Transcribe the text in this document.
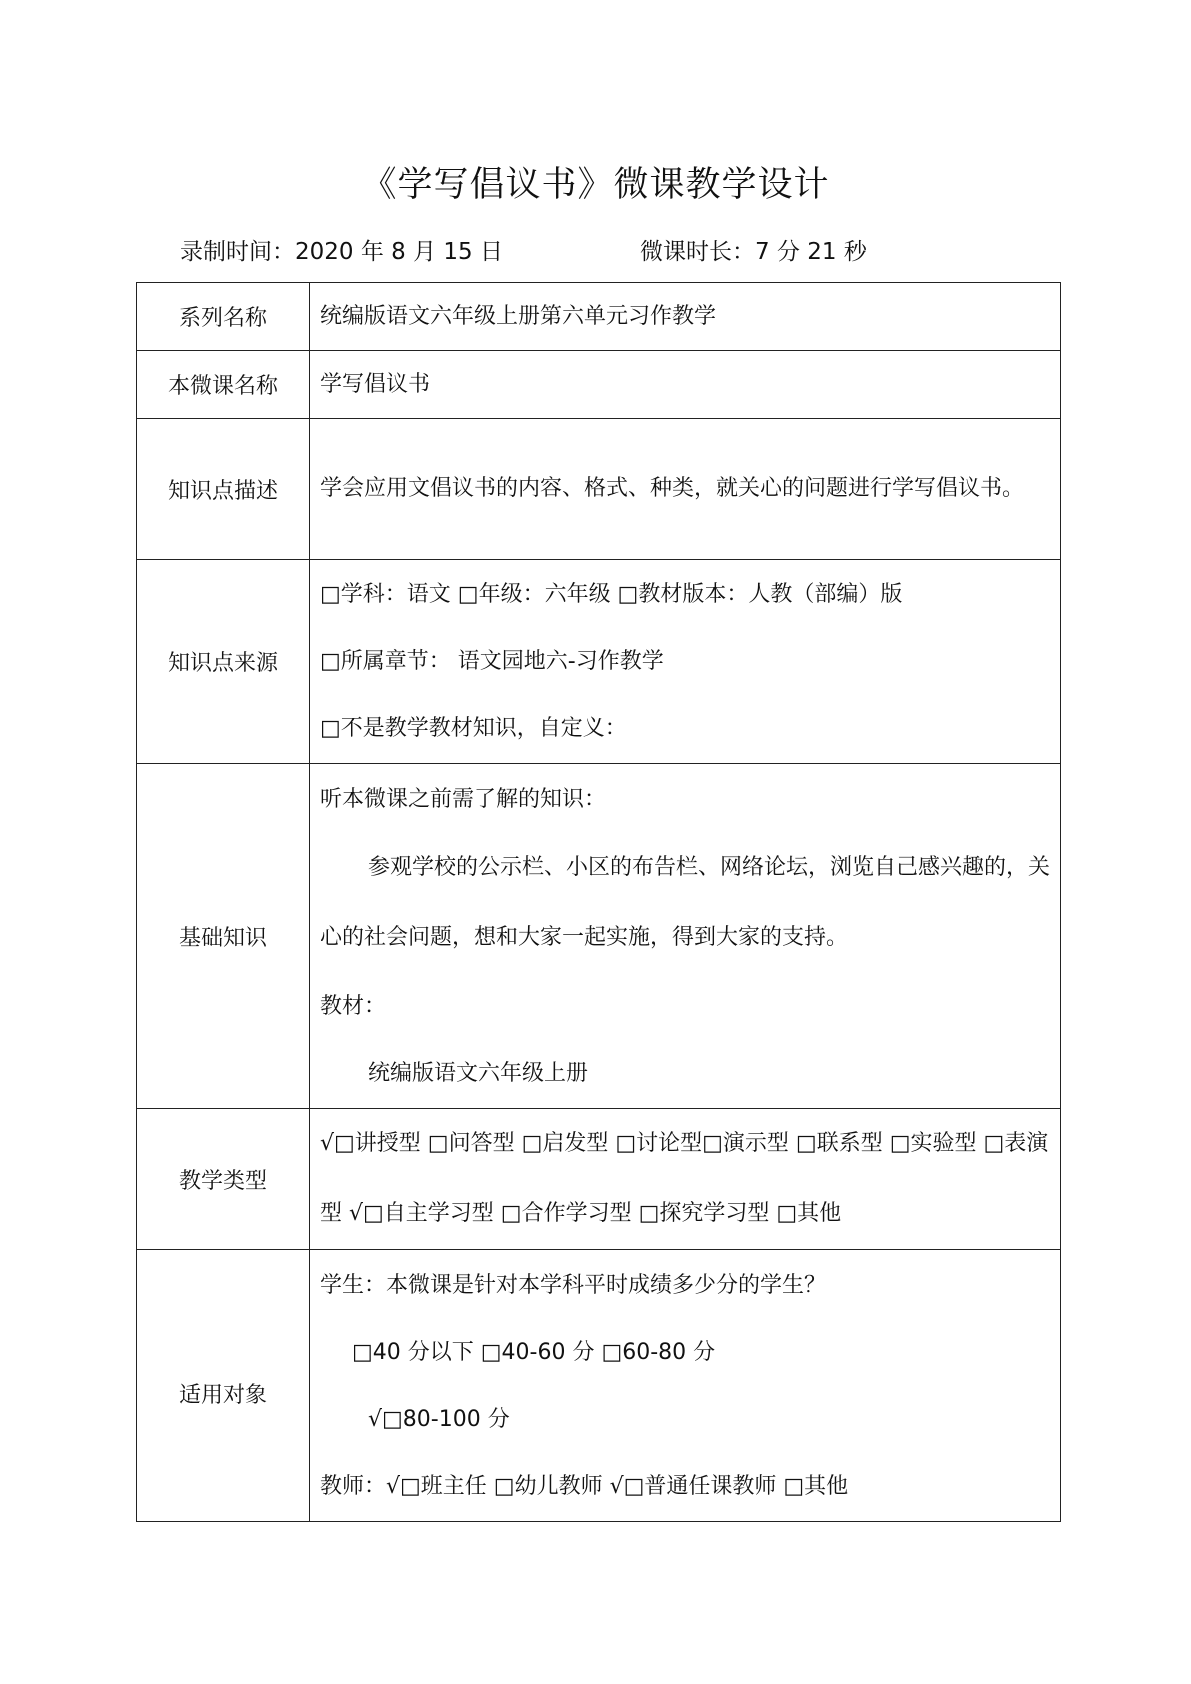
《学写倡议书》微课教学设计
录制时间：2020 年 8 月 15 日	微课时长：7 分 21 秒
系列名称	统编版语文六年级上册第六单元习作教学

本微课名称	学写倡议书

知识点描述	学会应用文倡议书的内容、格式、种类，就关心的问题进行学写倡议书。

知识点来源	□学科：语文 □年级：六年级 □教材版本：人教（部编）版
□所属章节： 语文园地六-习作教学
□不是教学教材知识，自定义：

基础知识	听本微课之前需了解的知识：
参观学校的公示栏、小区的布告栏、网络论坛，浏览自己感兴趣的，关心的社会问题，想和大家一起实施，得到大家的支持。
教材：
统编版语文六年级上册

教学类型	√□讲授型 □问答型 □启发型 □讨论型□演示型 □联系型 □实验型 □表演型 √□自主学习型 □合作学习型 □探究学习型 □其他

适用对象	学生：本微课是针对本学科平时成绩多少分的学生？
□40 分以下 □40-60 分 □60-80 分
√□80-100 分
教师：√□班主任 □幼儿教师 √□普通任课教师 □其他
